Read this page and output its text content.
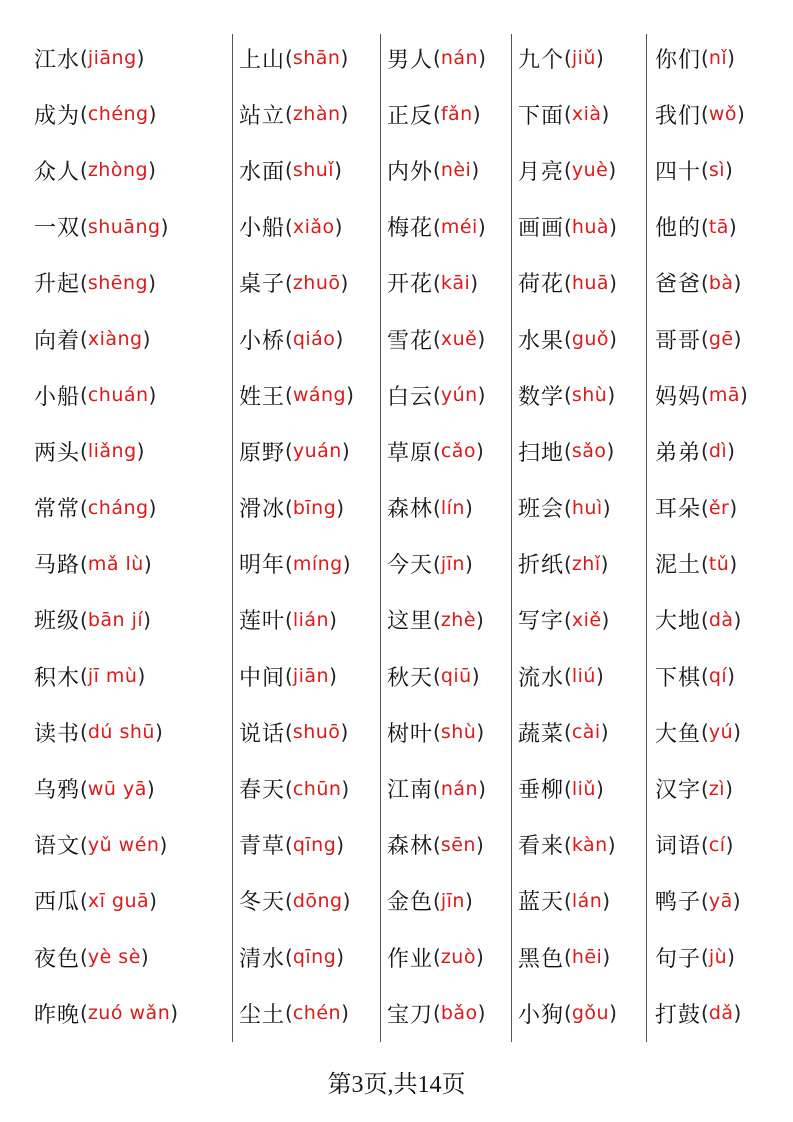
江水 ( jiāng )
成为 ( chéng )
众人 ( zhòng )
一双 ( shuāng )
升起 ( shēng )
向着 ( xiàng )
小船 ( chuán )
两头 ( liǎng )
常常 ( cháng )
马路 ( mǎ lù )
班级 ( bān jí )
积木 ( jī mù )
读书 ( dú shū )
乌鸦 ( wū yā )
语文 ( yǔ wén )
西瓜 ( xī guā )
夜色 ( yè sè )
昨晚 ( zuó wǎn )
上山 ( shān )
站立 ( zhàn )
水面 ( shuǐ )
小船 ( xiǎo )
桌子 ( zhuō )
小桥 ( qiáo )
姓王 ( wáng )
原野 ( yuán )
滑冰 ( bīng )
明年 ( míng )
莲叶 ( lián )
中间 ( jiān )
说话 ( shuō )
春天 ( chūn )
青草 ( qīng )
冬天 ( dōng )
清水 ( qīng )
尘土 ( chén )
男人 ( nán )
正反 ( fǎn )
内外 ( nèi )
梅花 ( méi )
开花 ( kāi )
雪花 ( xuě )
白云 ( yún )
草原 ( cǎo )
森林 ( lín )
今天 ( jīn )
这里 ( zhè )
秋天 ( qiū )
树叶 ( shù )
江南 ( nán )
森林 ( sēn )
金色 ( jīn )
作业 ( zuò )
宝刀 ( bǎo )
九个 ( jiǔ )
下面 ( xià )
月亮 ( yuè )
画画 ( huà )
荷花 ( huā )
水果 ( guǒ )
数学 ( shù )
扫地 ( sǎo )
班会 ( huì )
折纸 ( zhǐ )
写字 ( xiě )
流水 ( liú )
蔬菜 ( cài )
垂柳 ( liǔ )
看来 ( kàn )
蓝天 ( lán )
黑色 ( hēi )
小狗 ( gǒu )
你们 ( nǐ )
我们 ( wǒ )
四十 ( sì )
他的 ( tā )
爸爸 ( bà )
哥哥 ( gē )
妈妈 ( mā )
弟弟 ( dì )
耳朵 ( ěr )
泥土 ( tǔ )
大地 ( dà )
下棋 ( qí )
大鱼 ( yú )
汉字 ( zì )
词语 ( cí )
鸭子 ( yā )
句子 ( jù )
打鼓 ( dǎ )
第3页,共14页
